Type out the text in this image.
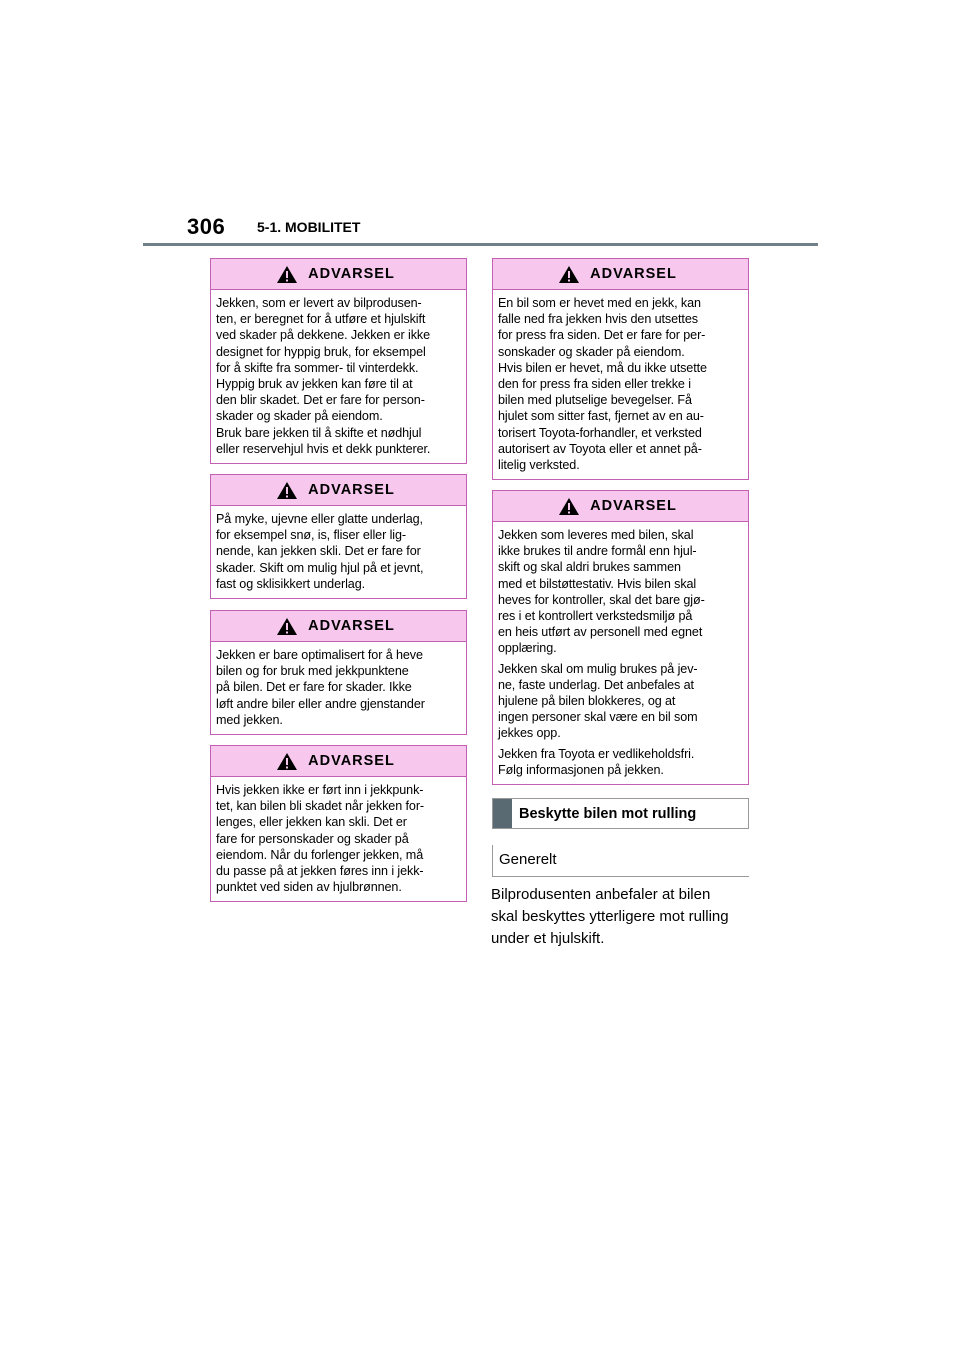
306 5-1. MOBILITET
ADVARSEL

Jekken, som er levert av bilprodusen-
ten, er beregnet for å utføre et hjulskift
ved skader på dekkene. Jekken er ikke
designet for hyppig bruk, for eksempel
for å skifte fra sommer- til vinterdekk.
Hyppig bruk av jekken kan føre til at
den blir skadet. Det er fare for person-
skader og skader på eiendom.
Bruk bare jekken til å skifte et nødhjul
eller reservehjul hvis et dekk punkterer.

ADVARSEL

På myke, ujevne eller glatte underlag,
for eksempel snø, is, fliser eller lig-
nende, kan jekken skli. Det er fare for
skader. Skift om mulig hjul på et jevnt,
fast og sklisikkert underlag.

ADVARSEL

Jekken er bare optimalisert for å heve
bilen og for bruk med jekkpunktene
på bilen. Det er fare for skader. Ikke
løft andre biler eller andre gjenstander
med jekken.

ADVARSEL

Hvis jekken ikke er ført inn i jekkpunk-
tet, kan bilen bli skadet når jekken for-
lenges, eller jekken kan skli. Det er
fare for personskader og skader på
eiendom. Når du forlenger jekken, må
du passe på at jekken føres inn i jekk-
punktet ved siden av hjulbrønnen.

ADVARSEL

En bil som er hevet med en jekk, kan
falle ned fra jekken hvis den utsettes
for press fra siden. Det er fare for per-
sonskader og skader på eiendom.
Hvis bilen er hevet, må du ikke utsette
den for press fra siden eller trekke i
bilen med plutselige bevegelser. Få
hjulet som sitter fast, fjernet av en au-
torisert Toyota-forhandler, et verksted
autorisert av Toyota eller et annet på-
litelig verksted.

ADVARSEL

Jekken som leveres med bilen, skal
ikke brukes til andre formål enn hjul-
skift og skal aldri brukes sammen
med et bilstøttestativ. Hvis bilen skal
heves for kontroller, skal det bare gjø-
res i et kontrollert verkstedsmiljø på
en heis utført av personell med egnet
opplæring.

Jekken skal om mulig brukes på jev-
ne, faste underlag. Det anbefales at
hjulene på bilen blokkeres, og at
ingen personer skal være en bil som
jekkes opp.

Jekken fra Toyota er vedlikeholdsfri.
Følg informasjonen på jekken.

Beskytte bilen mot rulling
Generelt
Bilprodusenten anbefaler at bilen
skal beskyttes ytterligere mot rulling
under et hjulskift.
